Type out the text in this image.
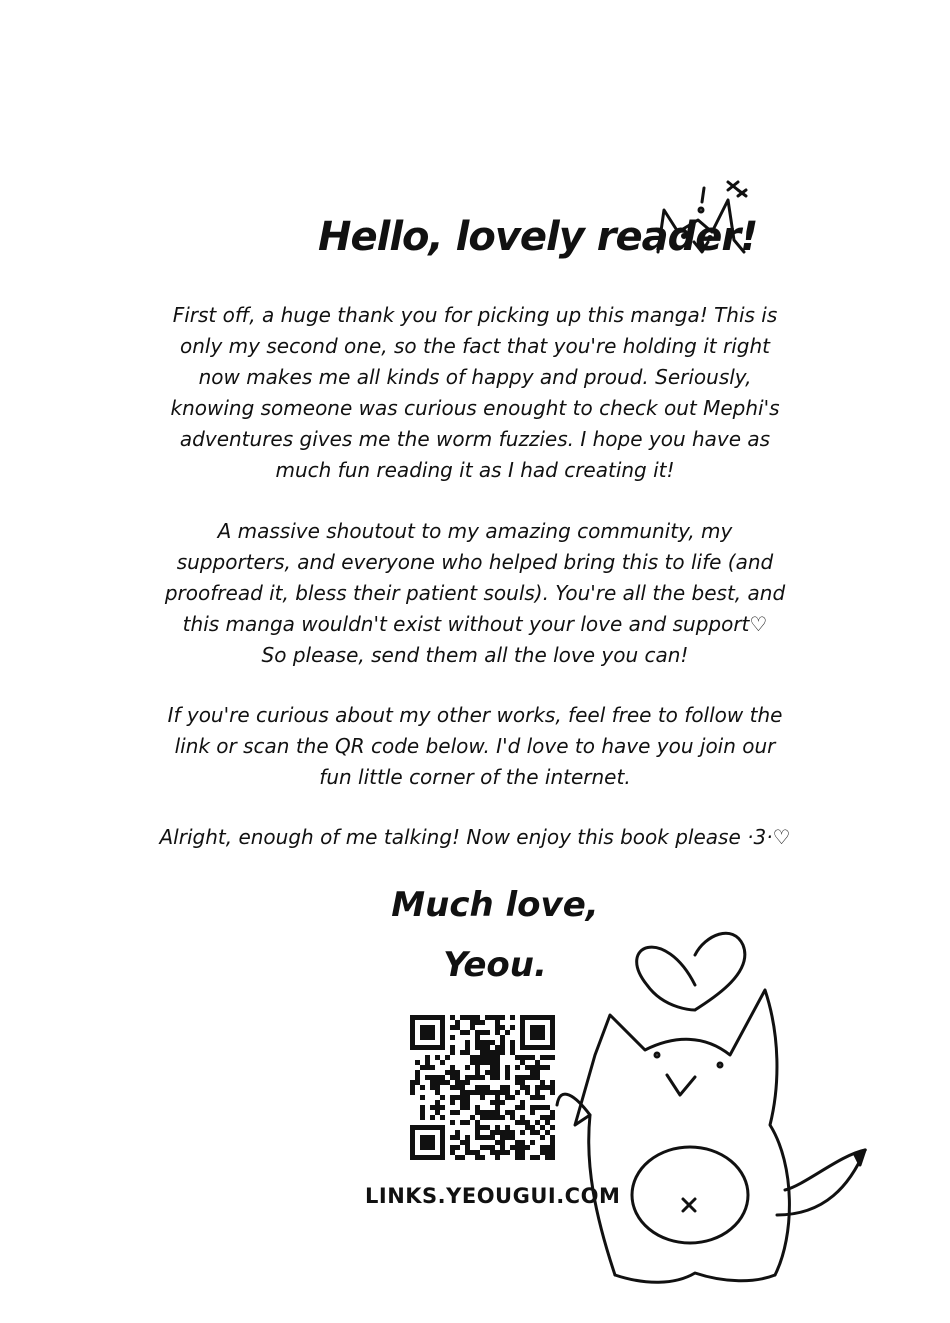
Hello, lovely reader!
First off, a huge thank you for picking up this manga! This is
only my second one, so the fact that you're holding it right
now makes me all kinds of happy and proud. Seriously,
knowing someone was curious enought to check out Mephi's
adventures gives me the worm fuzzies. I hope you have as
much fun reading it as I had creating it!
A massive shoutout to my amazing community, my
supporters, and everyone who helped bring this to life (and
proofread it, bless their patient souls). You're all the best, and
this manga wouldn't exist without your love and support♡
So please, send them all the love you can!
If you're curious about my other works, feel free to follow the
link or scan the QR code below. I'd love to have you join our
fun little corner of the internet.
Alright, enough of me talking! Now enjoy this book please ·3·♡
Much love,
Yeou.
LINKS.YEOUGUI.COM
